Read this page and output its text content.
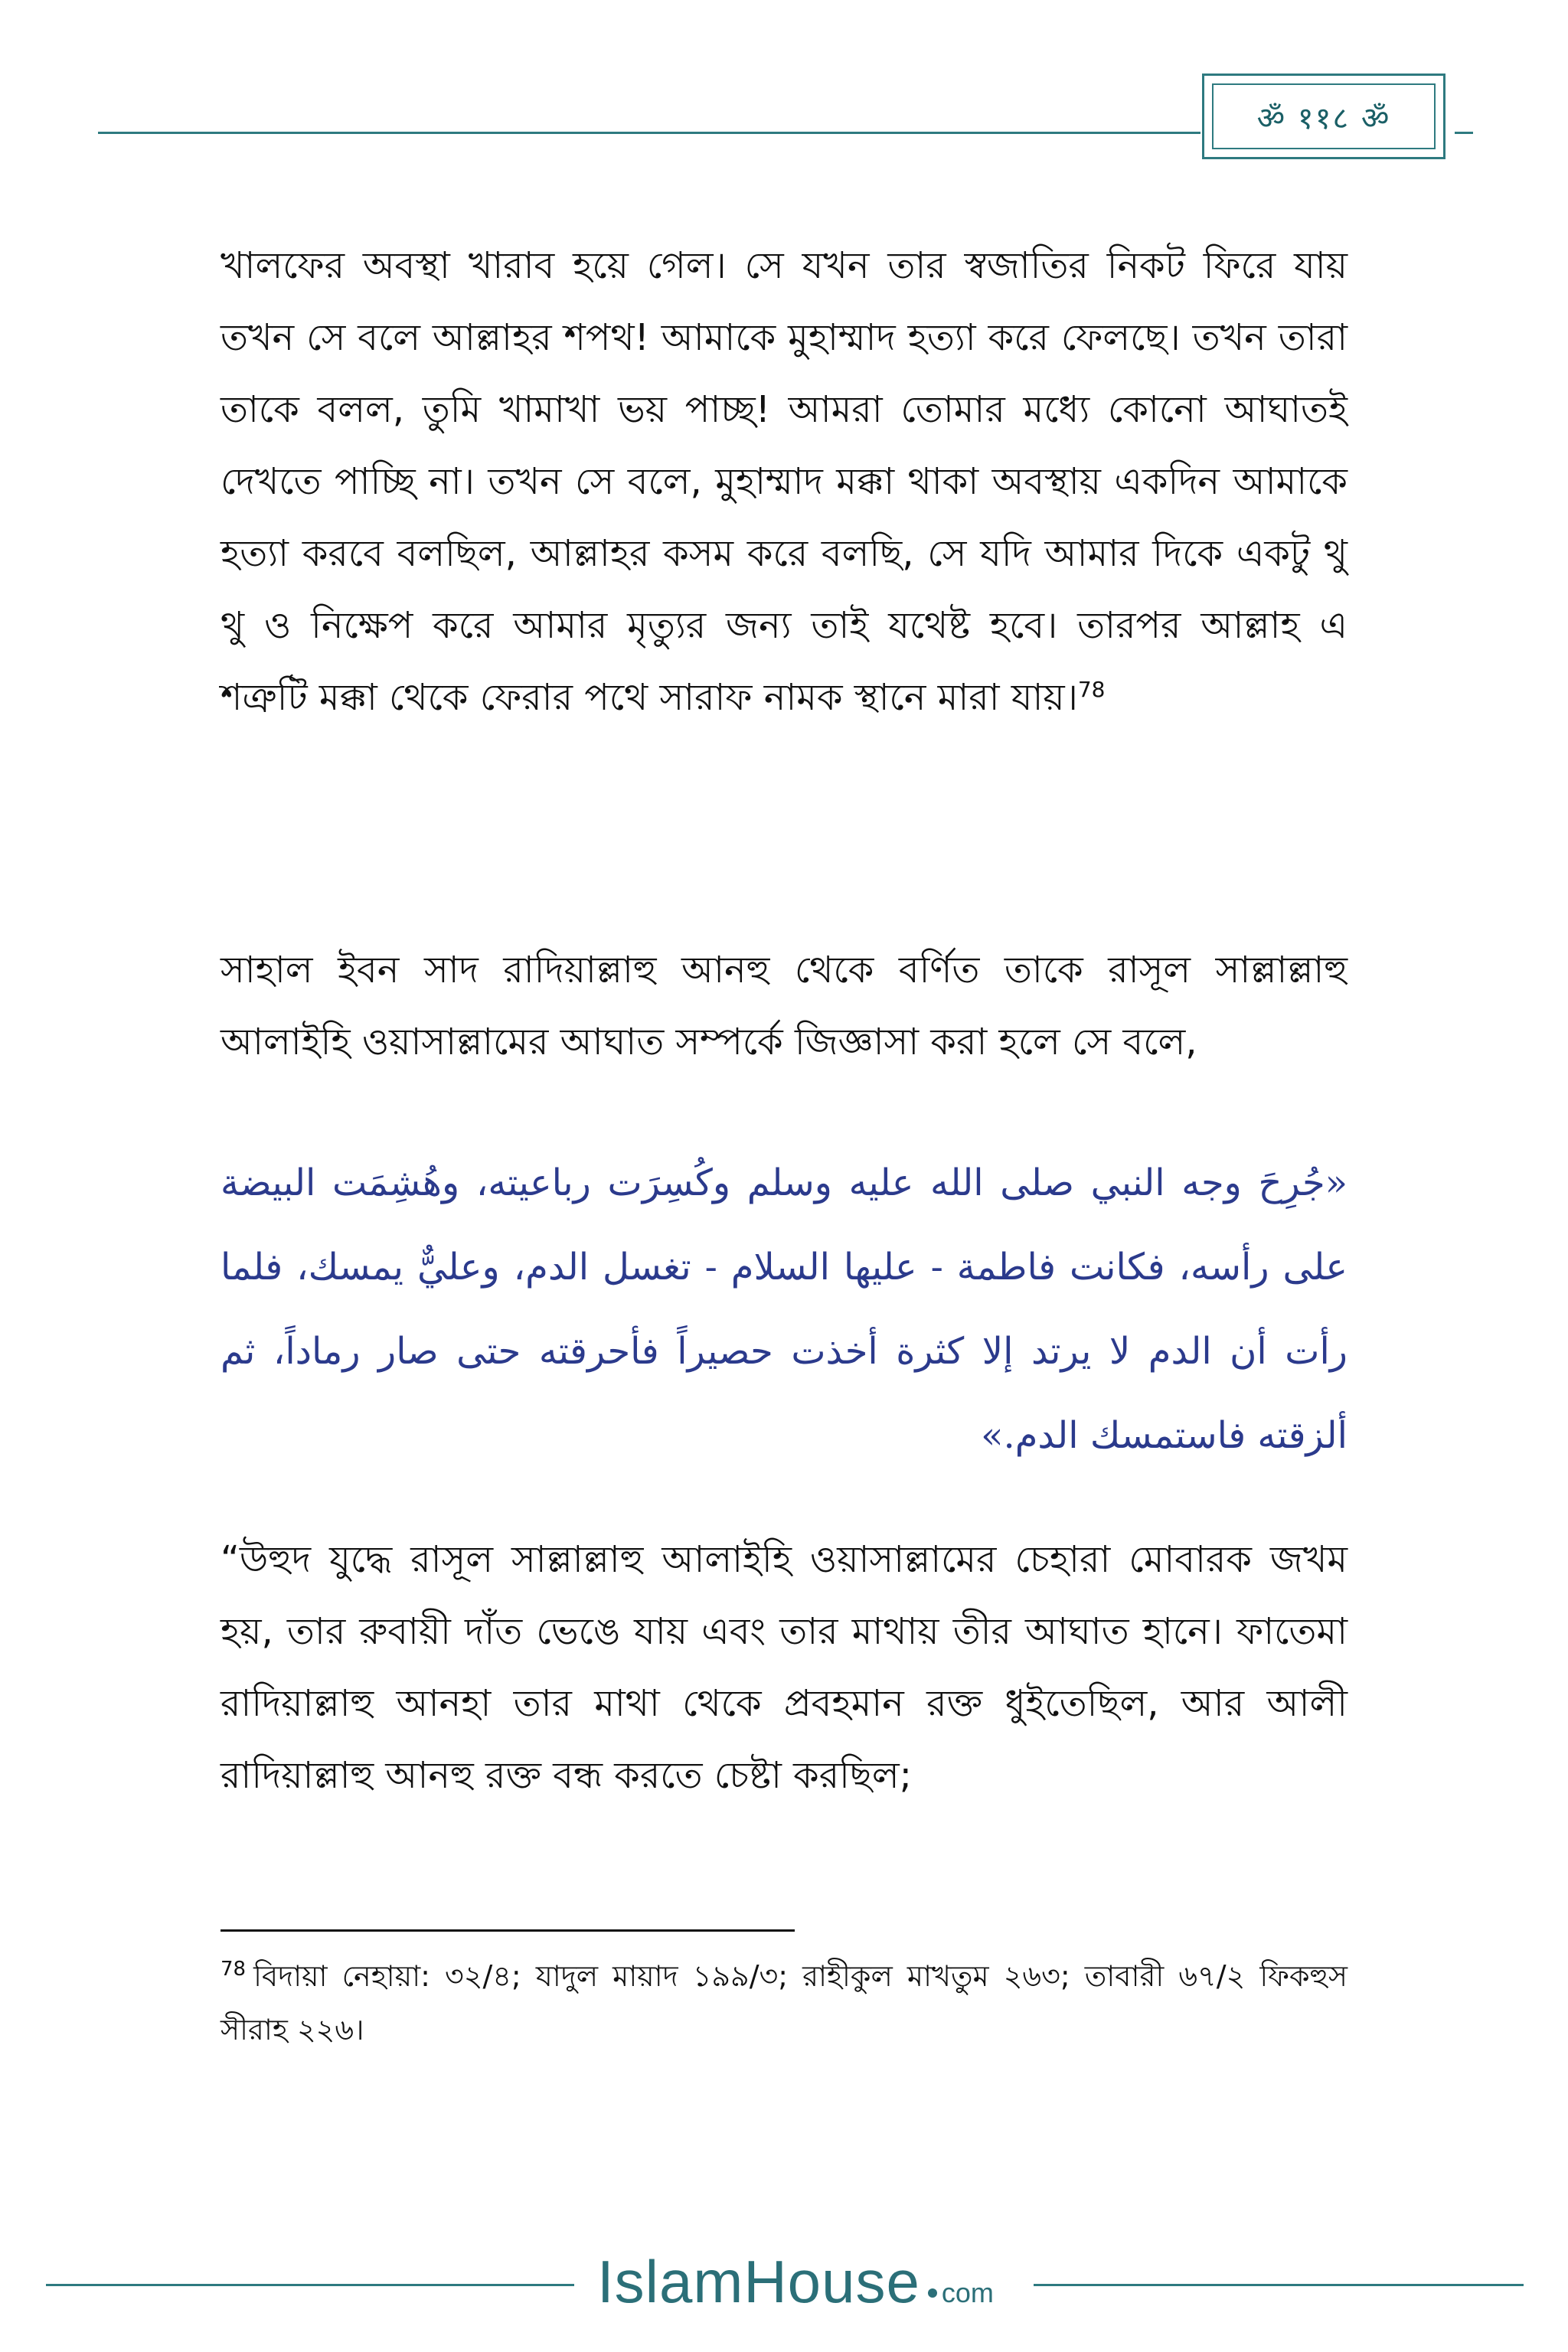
ॐ ११८ ॐ

খালফের অবস্থা খারাব হয়ে গেল। সে যখন তার স্বজাতির নিকট ফিরে যায় তখন সে বলে আল্লাহর শপথ! আমাকে মুহাম্মাদ হত্যা করে ফেলছে। তখন তারা তাকে বলল, তুমি খামাখা ভয় পাচ্ছ! আমরা তোমার মধ্যে কোনো আঘাতই দেখতে পাচ্ছি না। তখন সে বলে, মুহাম্মাদ মক্কা থাকা অবস্থায় একদিন আমাকে হত্যা করবে বলছিল, আল্লাহর কসম করে বলছি, সে যদি আমার দিকে একটু থু থু ও নিক্ষেপ করে আমার মৃত্যুর জন্য তাই যথেষ্ট হবে। তারপর আল্লাহ এ শত্রুটি মক্কা থেকে ফেরার পথে সারাফ নামক স্থানে মারা যায়।$^{78}$

সাহাল ইবন সাদ রাদিয়াল্লাহু আনহু থেকে বর্ণিত তাকে রাসূল সাল্লাল্লাহু আলাইহি ওয়াসাল্লামের আঘাত সম্পর্কে জিজ্ঞাসা করা হলে সে বলে,

«جُرِحَ وجه النبي صلى الله عليه وسلم وكُسِرَت رباعيته، وهُشِمَت البيضة على رأسه، فكانت فاطمة - عليها السلام - تغسل الدم، وعليٌّ يمسك، فلما رأت أن الدم لا يرتد إلا كثرة أخذت حصيراً فأحرقته حتى صار رماداً، ثم ألزقته فاستمسك الدم.»

“উহুদ যুদ্ধে রাসূল সাল্লাল্লাহু আলাইহি ওয়াসাল্লামের চেহারা মোবারক জখম হয়, তার রুবায়ী দাঁত ভেঙে যায় এবং তার মাথায় তীর আঘাত হানে। ফাতেমা রাদিয়াল্লাহু আনহা তার মাথা থেকে প্রবহমান রক্ত ধুইতেছিল, আর আলী রাদিয়াল্লাহু আনহু রক্ত বন্ধ করতে চেষ্টা করছিল;

$^{78}$ বিদায়া নেহায়া: ৩২/৪; যাদুল মায়াদ ১৯৯/৩; রাহীকুল মাখতুম ২৬৩; তাবারী ৬৭/২ ফিকহুস সীরাহ ২২৬।

IslamHouse com
